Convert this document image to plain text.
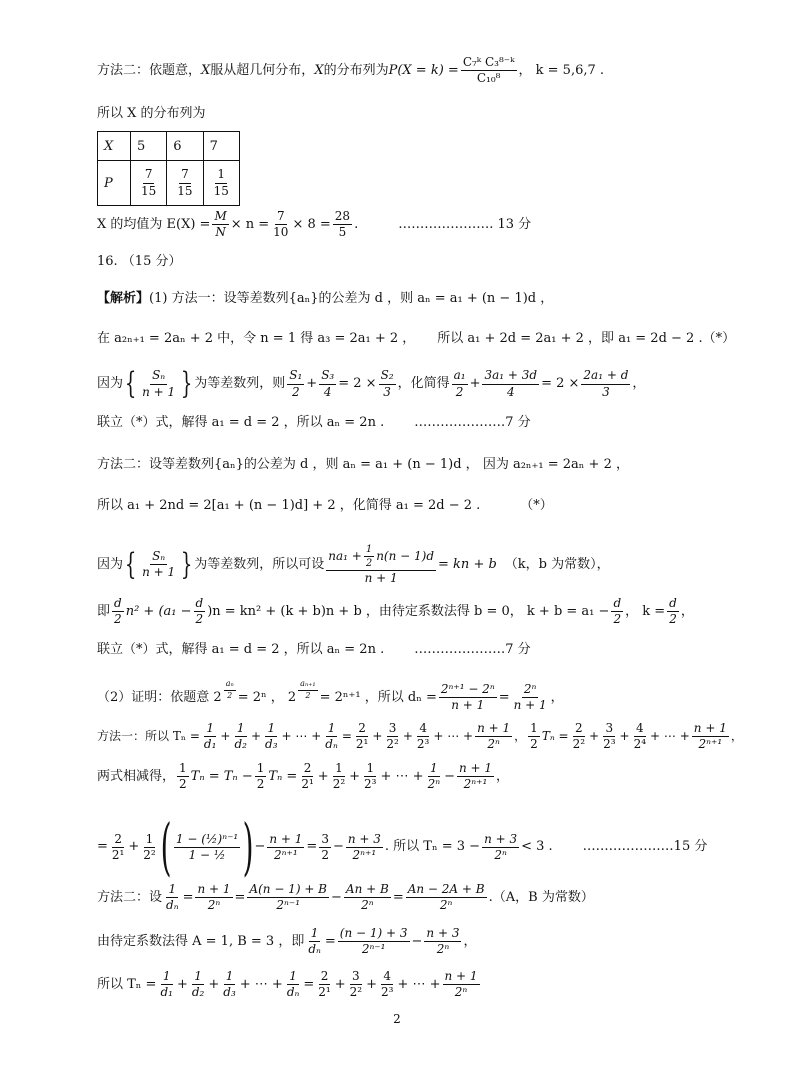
方法二： 依题意， X 服从超几何分布， X 的分布列为 $P(X = k) = \frac{\text{C₇ᵏ C₃⁸⁻ᵏ}}{\text{C₁₀⁸}}$ ， k = 5,6,7 .
所以 X 的分布列为
X	5	6	7
P	$\frac{7}{15}$	$\frac{7}{15}$	$\frac{1}{15}$
X 的均值为 $E(X) = \frac{M}{N} \times n = \frac{7}{10} \times 8 = \frac{28}{5}$ .	…………………. 13 分
16. （15 分）
【解析】 (1) 方法一：设等差数列{aₙ}的公差为 d ，则 aₙ = a₁ + (n − 1)d ，
在 a₂ₙ₊₁ = 2aₙ + 2 中，令 n = 1 得 a₃ = 2a₁ + 2 ， 所以 a₁ + 2d = 2a₁ + 2 ，即 a₁ = 2d − 2 . （*）
因为 { $\frac{\text{Sₙ}}{n + 1}$ } 为等差数列，则 $\frac{\text{S₁}}{2} + \frac{\text{S₃}}{4} = 2 \times \frac{\text{S₂}}{3}$ ，化简得 $\frac{\text{a₁}}{2} + \frac{\text{3a₁ + 3d}}{4} = 2 \times \frac{\text{2a₁ + d}}{3}$ ，
联立（*）式，解得 a₁ = d = 2 ，所以 aₙ = 2n . …………………7 分
方法二：设等差数列{aₙ}的公差为 d ，则 aₙ = a₁ + (n − 1)d ， 因为 a₂ₙ₊₁ = 2aₙ + 2 ，
所以 a₁ + 2nd = 2[a₁ + (n − 1)d] + 2 ，化简得 a₁ = 2d − 2 .	（*）
因为 { $\frac{\text{Sₙ}}{n + 1}$ } 为等差数列，所以可设 $\frac{na_1 + \frac{1}{2} n(n - 1)d}{n + 1}$ = kn + b （k，b 为常数），
即 $\frac{d}{2} n^2 + (a_1 - \frac{d}{2} )n = kn^2 + (k + b)n + b$ ，由待定系数法得 b = 0， $k + b = a_1 - \frac{d}{2}$ ， $k = \frac{d}{2}$ ，
联立（*）式，解得 a₁ = d = 2 ，所以 aₙ = 2n . …………………7 分
（2）证明：依题意 $2 \frac{\text{aₙ}}{2} = 2^n$ ， $2 \frac{\text{aₙ₊₁}}{2} = 2^{n+1}$ ，所以 $d_n = \frac{\text{2ⁿ⁺¹ − 2ⁿ}}{n + 1} = \frac{\text{2ⁿ}}{n + 1}$ ，
方法一：所以 $T_n = \frac{1}{\text{d₁}} + \frac{1}{\text{d₂}} + \frac{1}{\text{d₃}}$ + ⋯ + $\frac{1}{\text{dₙ}} = \frac{2}{\text{2¹}} + \frac{3}{\text{2²}} + \frac{4}{\text{2³}}$ + ⋯ + $\frac{n + 1}{\text{2ⁿ}}$ ， $\frac{1}{2}$ $T_n = \frac{2}{\text{2²}} + \frac{3}{\text{2³}} + \frac{4}{\text{2⁴}}$ + ⋯ + $\frac{n + 1}{\text{2ⁿ⁺¹}}$ ，
两式相减得， $\frac{1}{2}$ $T_n = T_n - \frac{1}{2}$ $T_n = \frac{2}{\text{2¹}} + \frac{1}{\text{2²}} + \frac{1}{\text{2³}}$ + ⋯ + $\frac{1}{\text{2ⁿ}} - \frac{n + 1}{\text{2ⁿ⁺¹}}$ ，
= $\frac{2}{\text{2¹}} + \frac{1}{\text{2²}}$ ( $\frac{\text{1 − (½)ⁿ⁻¹}}{\text{1 − ½}}$ ) − $\frac{n + 1}{\text{2ⁿ⁺¹}} = \frac{3}{2} - \frac{n + 3}{\text{2ⁿ⁺¹}}$ . 所以 $T_n = 3 - \frac{n + 3}{\text{2ⁿ}} < 3$ . …………………15 分
方法二：设 $\frac{1}{\text{dₙ}} = \frac{n + 1}{\text{2ⁿ}} = \frac{A(n - 1) + B}{\text{2ⁿ⁻¹}} - \frac{An + B}{\text{2ⁿ}} = \frac{An - 2A + B}{\text{2ⁿ}} .(A$，B 为常数）
由待定系数法得 A = 1, B = 3 ，即 $\frac{1}{\text{dₙ}} = \frac{(n - 1) + 3}{\text{2ⁿ⁻¹}} - \frac{n + 3}{\text{2ⁿ}}$ ，
所以 $T_n = \frac{1}{\text{d₁}} + \frac{1}{\text{d₂}} + \frac{1}{\text{d₃}}$ + ⋯ + $\frac{1}{\text{dₙ}} = \frac{2}{\text{2¹}} + \frac{3}{\text{2²}} + \frac{4}{\text{2³}}$ + ⋯ + $\frac{n + 1}{\text{2ⁿ}}$
2
